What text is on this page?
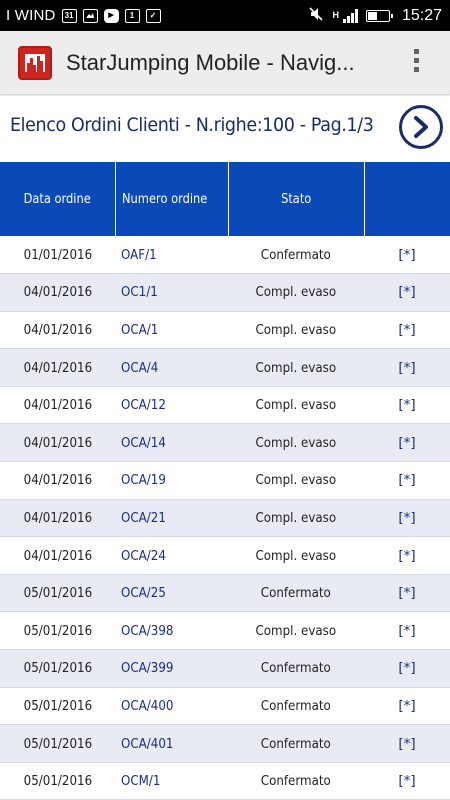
I WIND	31	▶	1	✓	H	15:27
StarJumping Mobile - Navig...
Elenco Ordini Clienti - N.righe:100 - Pag.1/3
Data ordine	Numero ordine	Stato	
01/01/2016	OAF/1	Confermato	[*]
04/01/2016	OC1/1	Compl. evaso	[*]
04/01/2016	OCA/1	Compl. evaso	[*]
04/01/2016	OCA/4	Compl. evaso	[*]
04/01/2016	OCA/12	Compl. evaso	[*]
04/01/2016	OCA/14	Compl. evaso	[*]
04/01/2016	OCA/19	Compl. evaso	[*]
04/01/2016	OCA/21	Compl. evaso	[*]
04/01/2016	OCA/24	Compl. evaso	[*]
05/01/2016	OCA/25	Confermato	[*]
05/01/2016	OCA/398	Compl. evaso	[*]
05/01/2016	OCA/399	Confermato	[*]
05/01/2016	OCA/400	Confermato	[*]
05/01/2016	OCA/401	Confermato	[*]
05/01/2016	OCM/1	Confermato	[*]
